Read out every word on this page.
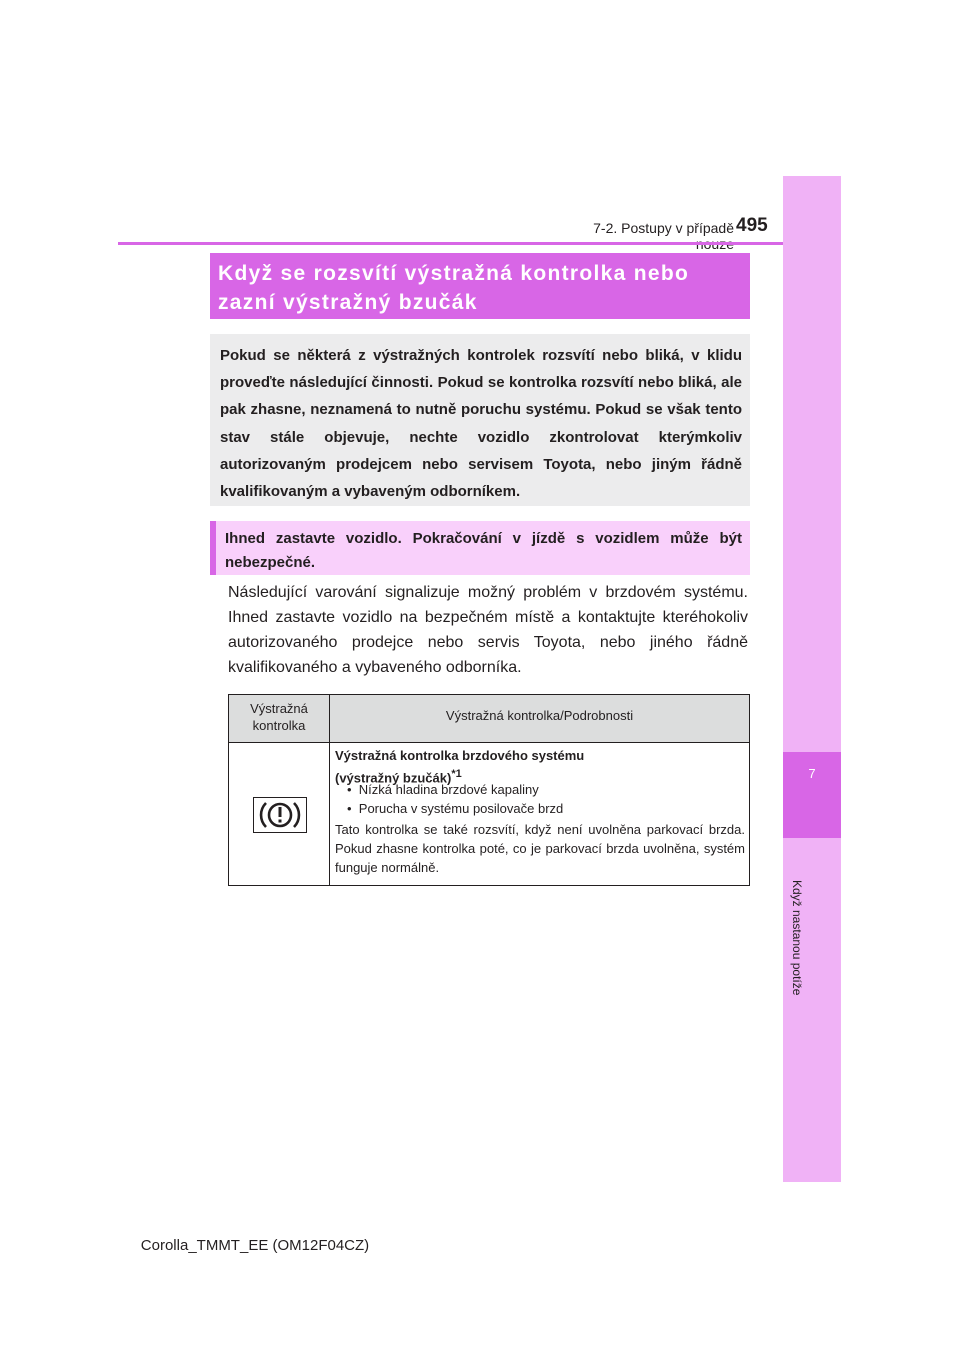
7-2. Postupy v případě 495
7
Když nastanou potíže
Když se rozsvítí výstražná kontrolka nebo
zazní výstražný bzučák
Pokud se některá z výstražných kontrolek rozsvítí nebo bliká, v klidu proveďte následující činnosti. Pokud se kontrolka rozsvítí nebo bliká, ale pak zhasne, neznamená to nutně poruchu systému. Pokud se však tento stav stále objevuje, nechte vozidlo zkontrolovat kterýmkoliv autorizovaným prodejcem nebo servisem Toyota, nebo jiným řádně kvalifikovaným a vybaveným odborníkem.
Ihned zastavte vozidlo. Pokračování v jízdě s vozidlem může být nebezpečné.
Následující varování signalizuje možný problém v brzdovém systému. Ihned zastavte vozidlo na bezpečném místě a kontaktujte kteréhokoliv autorizovaného prodejce nebo servis Toyota, nebo jiného řádně kvalifikovaného a vybaveného odborníka.
Výstražná
kontrolka
Výstražná kontrolka/Podrobnosti
Výstražná kontrolka brzdového systému
(výstražný bzučák)$^{*1}$
•  Nízká hladina brzdové kapaliny
•  Porucha v systému posilovače brzd
Tato kontrolka se také rozsvítí, když není uvolněna parkovací brzda. Pokud zhasne kontrolka poté, co je parkovací brzda uvolněna, systém funguje normálně.
Corolla_TMMT_EE (OM12F04CZ)
